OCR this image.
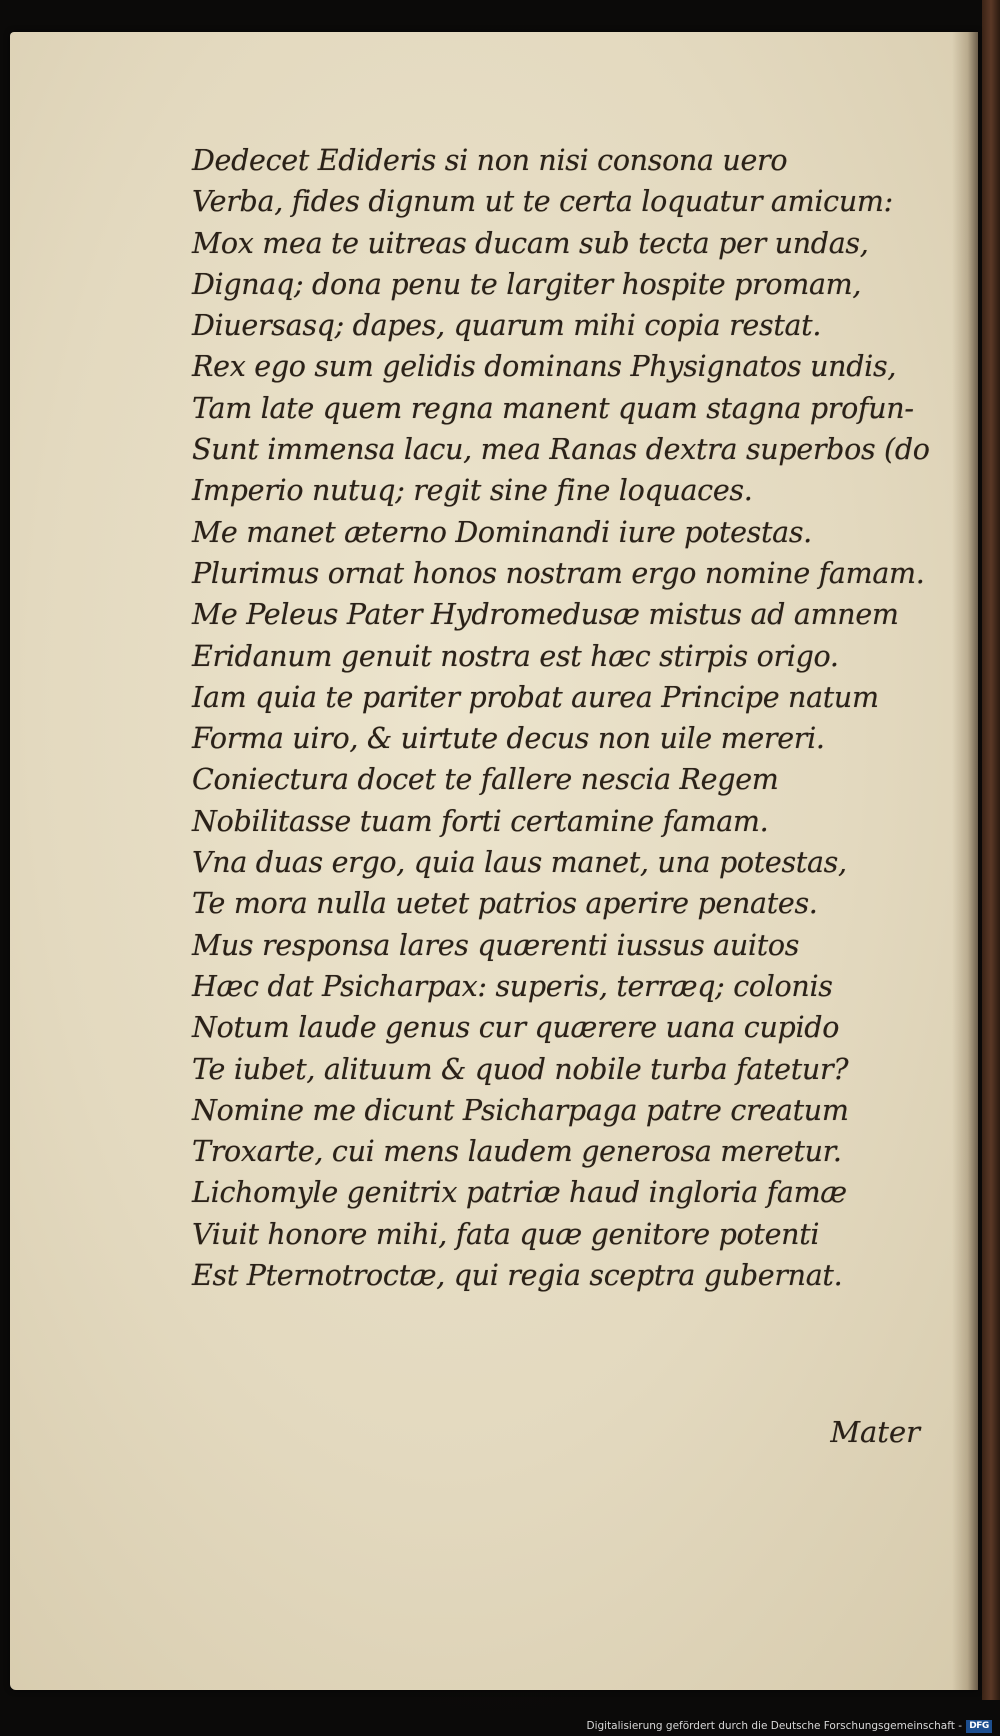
Dedecet Edideris si non nisi consona uero
Verba, fides dignum ut te certa loquatur amicum:
Mox mea te uitreas ducam sub tecta per undas,
Dignaq; dona penu te largiter hospite promam,
Diuersasq; dapes, quarum mihi copia restat.
Rex ego sum gelidis dominans Physignatos undis,
Tam late quem regna manent quam stagna profun-
Sunt immensa lacu, mea Ranas dextra superbos (do
Imperio nutuq; regit sine fine loquaces.
Me manet æterno Dominandi iure potestas.
Plurimus ornat honos nostram ergo nomine famam.
Me Peleus Pater Hydromedusæ mistus ad amnem
Eridanum genuit nostra est hæc stirpis origo.
Iam quia te pariter probat aurea Principe natum
Forma uiro, & uirtute decus non uile mereri.
Coniectura docet te fallere nescia Regem
Nobilitasse tuam forti certamine famam.
Vna duas ergo, quia laus manet, una potestas,
Te mora nulla uetet patrios aperire penates.
Mus responsa lares quærenti iussus auitos
Hæc dat Psicharpax: superis, terræq; colonis
Notum laude genus cur quærere uana cupido
Te iubet, alituum & quod nobile turba fatetur?
Nomine me dicunt Psicharpaga patre creatum
Troxarte, cui mens laudem generosa meretur.
Lichomyle genitrix patriæ haud ingloria famæ
Viuit honore mihi, fata quæ genitore potenti
Est Pternotroctæ, qui regia sceptra gubernat.
Mater
Digitalisierung gefördert durch die Deutsche Forschungsgemeinschaft - DFG
